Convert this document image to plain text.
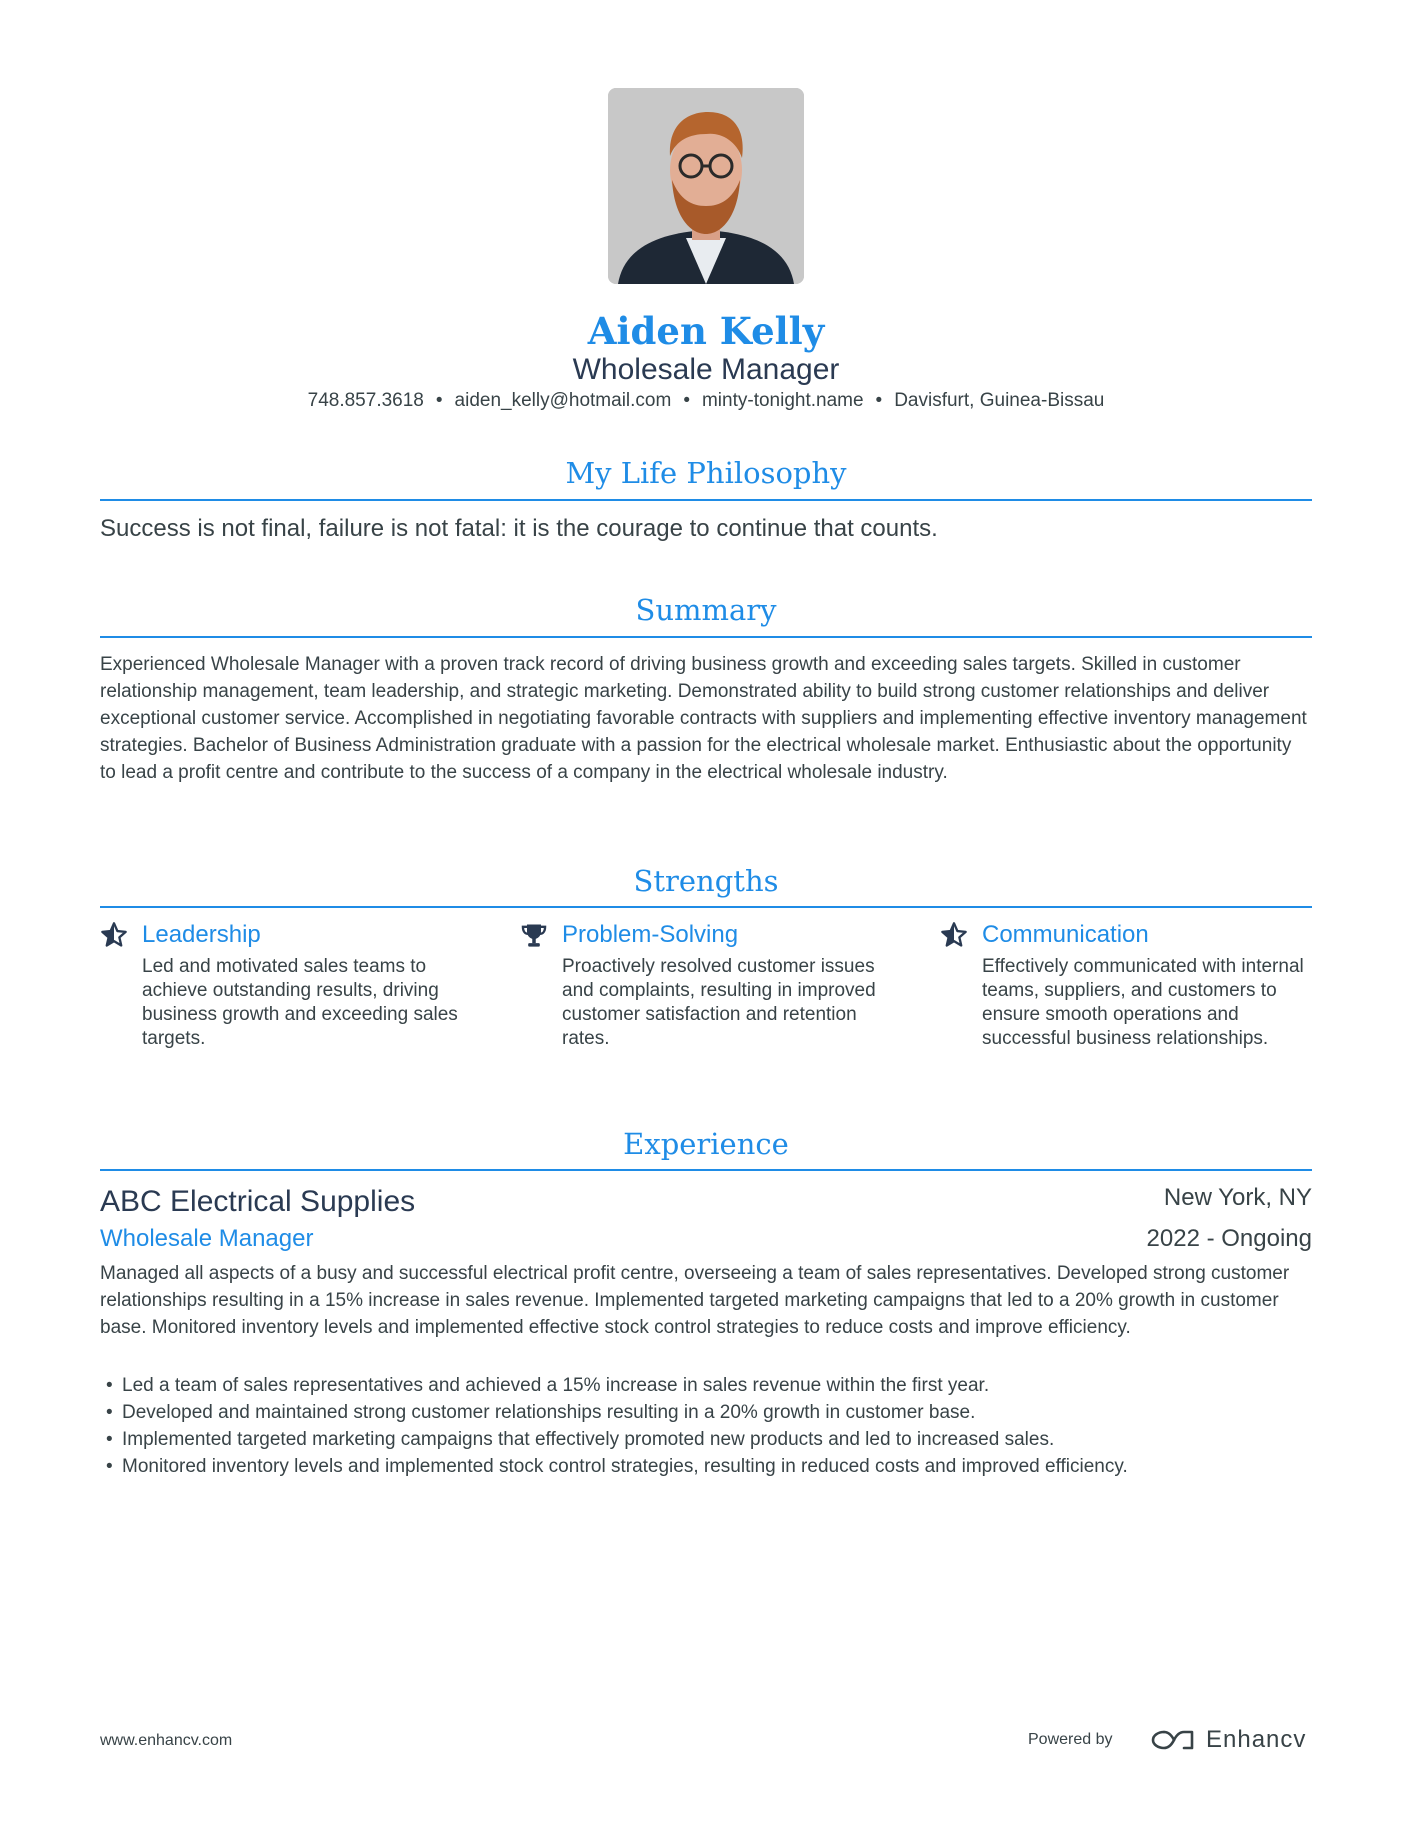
Aiden Kelly
Wholesale Manager
748.857.3618 • aiden_kelly@hotmail.com • minty-tonight.name • Davisfurt, Guinea-Bissau
My Life Philosophy
Success is not final, failure is not fatal: it is the courage to continue that counts.
Summary
Experienced Wholesale Manager with a proven track record of driving business growth and exceeding sales targets. Skilled in customer relationship management, team leadership, and strategic marketing. Demonstrated ability to build strong customer relationships and deliver exceptional customer service. Accomplished in negotiating favorable contracts with suppliers and implementing effective inventory management strategies. Bachelor of Business Administration graduate with a passion for the electrical wholesale market. Enthusiastic about the opportunity to lead a profit centre and contribute to the success of a company in the electrical wholesale industry.
Strengths
Leadership
Led and motivated sales teams to achieve outstanding results, driving business growth and exceeding sales targets.
Problem-Solving
Proactively resolved customer issues and complaints, resulting in improved customer satisfaction and retention rates.
Communication
Effectively communicated with internal teams, suppliers, and customers to ensure smooth operations and successful business relationships.
Experience
ABC Electrical Supplies	New York, NY
Wholesale Manager	2022 - Ongoing
Managed all aspects of a busy and successful electrical profit centre, overseeing a team of sales representatives. Developed strong customer relationships resulting in a 15% increase in sales revenue. Implemented targeted marketing campaigns that led to a 20% growth in customer base. Monitored inventory levels and implemented effective stock control strategies to reduce costs and improve efficiency.
• Led a team of sales representatives and achieved a 15% increase in sales revenue within the first year.
• Developed and maintained strong customer relationships resulting in a 20% growth in customer base.
• Implemented targeted marketing campaigns that effectively promoted new products and led to increased sales.
• Monitored inventory levels and implemented stock control strategies, resulting in reduced costs and improved efficiency.
www.enhancv.com	Powered by	Enhancv
